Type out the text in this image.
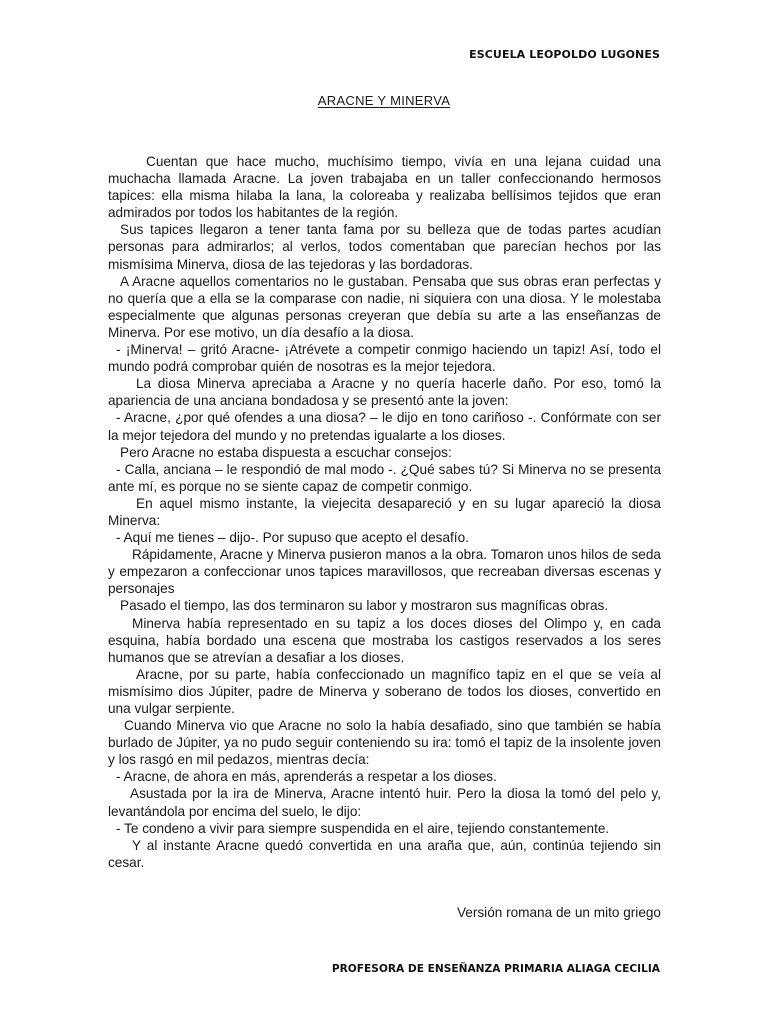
ESCUELA LEOPOLDO LUGONES
ARACNE Y MINERVA

Cuentan que hace mucho, muchísimo tiempo, vivía en una lejana cuidad una muchacha llamada Aracne. La joven trabajaba en un taller confeccionando hermosos tapices: ella misma hilaba la lana, la coloreaba y realizaba bellísimos tejidos que eran admirados por todos los habitantes de la región.

Sus tapices llegaron a tener tanta fama por su belleza que de todas partes acudían personas para admirarlos; al verlos, todos comentaban que parecían hechos por las mismísima Minerva, diosa de las tejedoras y las bordadoras.

A Aracne aquellos comentarios no le gustaban. Pensaba que sus obras eran perfectas y no quería que a ella se la comparase con nadie, ni siquiera con una diosa. Y le molestaba especialmente que algunas personas creyeran que debía su arte a las enseñanzas de Minerva. Por ese motivo, un día desafío a la diosa.

- ¡Minerva! – gritó Aracne- ¡Atrévete a competir conmigo haciendo un tapiz! Así, todo el mundo podrá comprobar quién de nosotras es la mejor tejedora.

La diosa Minerva apreciaba a Aracne y no quería hacerle daño. Por eso, tomó la apariencia de una anciana bondadosa y se presentó ante la joven:

- Aracne, ¿por qué ofendes a una diosa? – le dijo en tono cariñoso -. Confórmate con ser la mejor tejedora del mundo y no pretendas igualarte a los dioses.

Pero Aracne no estaba dispuesta a escuchar consejos:

- Calla, anciana – le respondió de mal modo -. ¿Qué sabes tú? Si Minerva no se presenta ante mí, es porque no se siente capaz de competir conmigo.

En aquel mismo instante, la viejecita desapareció y en su lugar apareció la diosa Minerva:

- Aquí me tienes – dijo-. Por supuso que acepto el desafío.

Rápidamente, Aracne y Minerva pusieron manos a la obra. Tomaron unos hilos de seda y empezaron a confeccionar unos tapices maravillosos, que recreaban diversas escenas y personajes

Pasado el tiempo, las dos terminaron su labor y mostraron sus magníficas obras.

Minerva había representado en su tapiz a los doces dioses del Olimpo y, en cada esquina, había bordado una escena que mostraba los castigos reservados a los seres humanos que se atrevían a desafiar a los dioses.

Aracne, por su parte, había confeccionado un magnífico tapiz en el que se veía al mismísimo dios Júpiter, padre de Minerva y soberano de todos los dioses, convertido en una vulgar serpiente.

Cuando Minerva vio que Aracne no solo la había desafiado, sino que también se había burlado de Júpiter, ya no pudo seguir conteniendo su ira: tomó el tapiz de la insolente joven y los rasgó en mil pedazos, mientras decía:

- Aracne, de ahora en más, aprenderás a respetar a los dioses.

Asustada por la ira de Minerva, Aracne intentó huir. Pero la diosa la tomó del pelo y, levantándola por encima del suelo, le dijo:

- Te condeno a vivir para siempre suspendida en el aire, tejiendo constantemente.

Y al instante Aracne quedó convertida en una araña que, aún, continúa tejiendo sin cesar.

Versión romana de un mito griego
PROFESORA DE ENSEÑANZA PRIMARIA ALIAGA CECILIA
